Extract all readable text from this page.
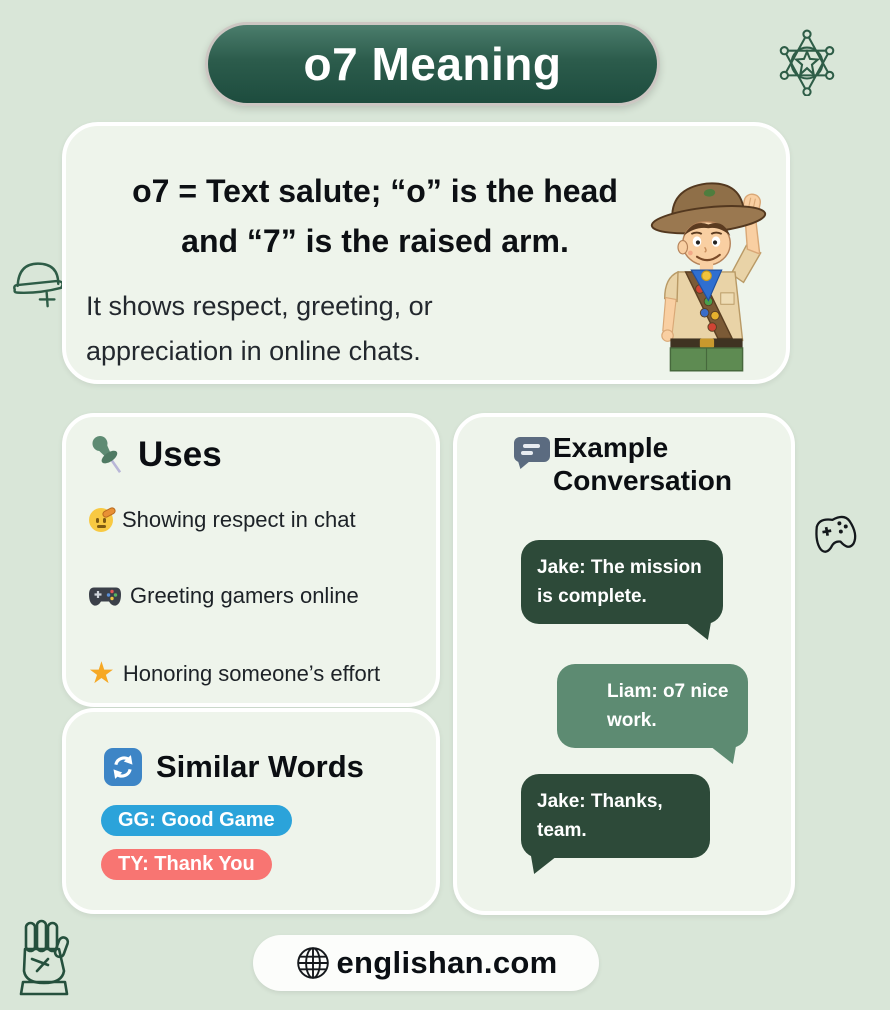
o7 Meaning
o7 = Text salute; “o” is the head
and “7” is the raised arm.
It shows respect, greeting, or
appreciation in online chats.
Uses
Showing respect in chat
Greeting gamers online
★ Honoring someone’s effort
Similar Words
GG: Good Game
TY: Thank You
Example
Conversation
Jake: The mission is complete.
Liam: o7 nice work.
Jake: Thanks, team.
englishan.com
